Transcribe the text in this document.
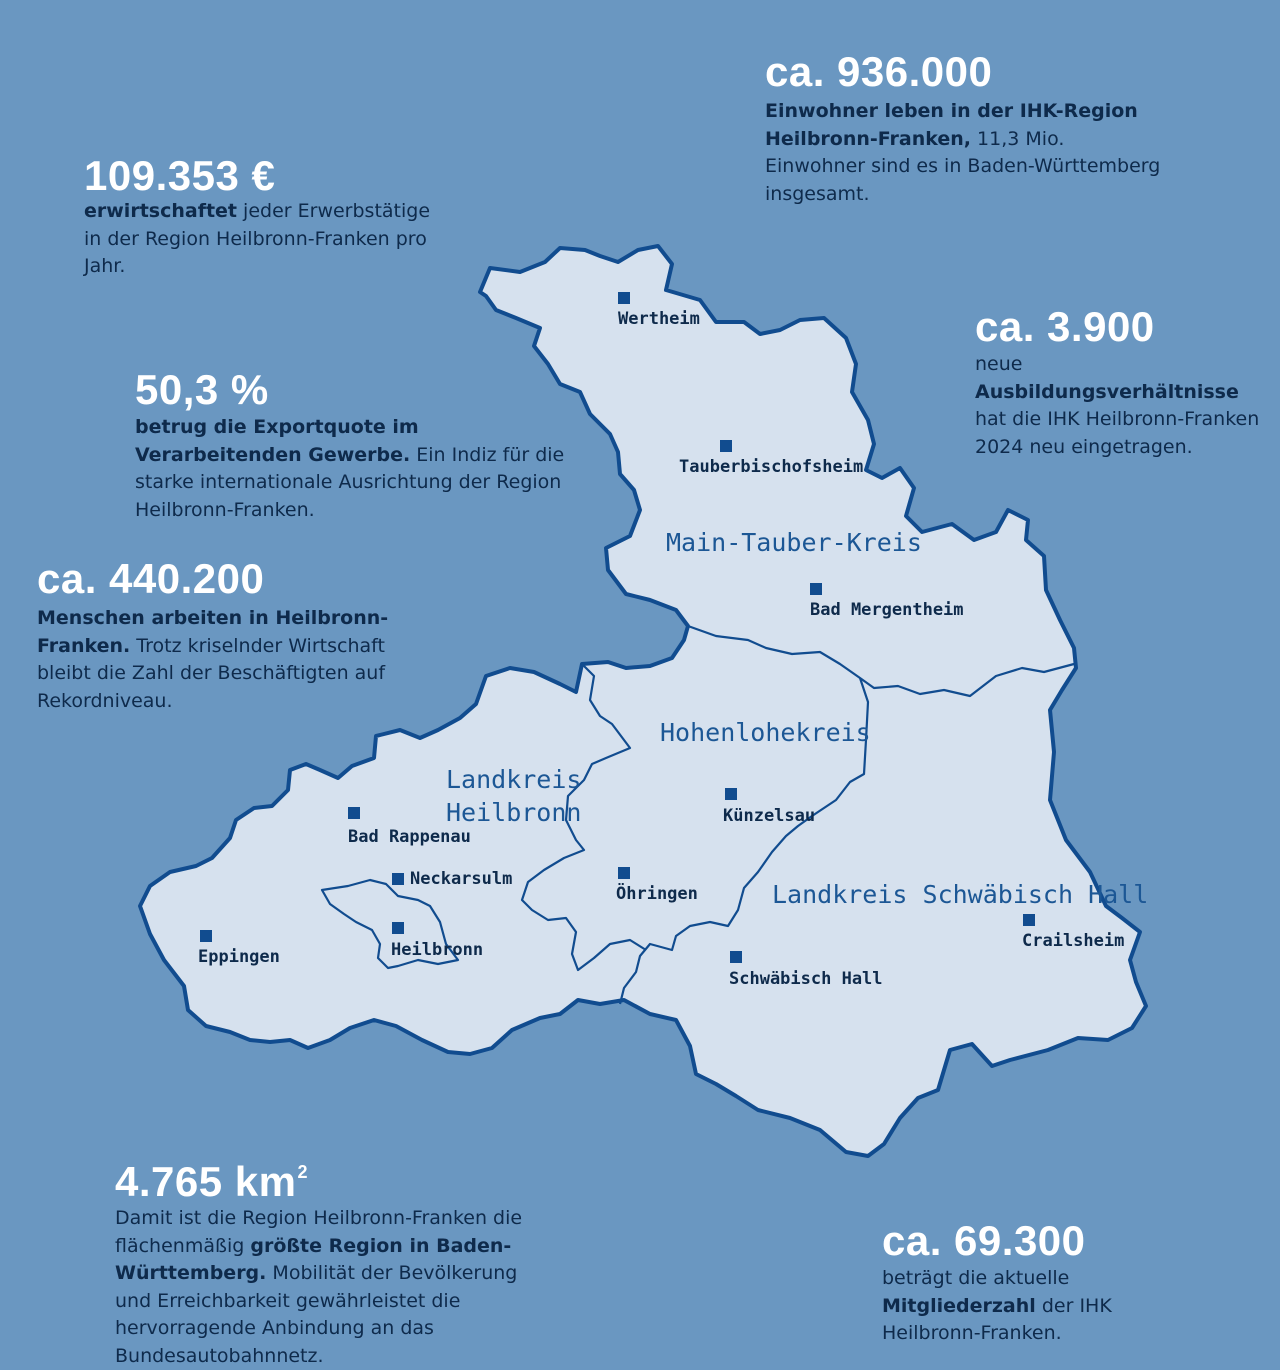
ca. 936.000
Einwohner leben in der IHK-Region Heilbronn-Franken, 11,3 Mio. Einwohner sind es in Baden-Württemberg insgesamt.
109.353 €
erwirtschaftet jeder Erwerbstätige in der Region Heilbronn-Franken pro Jahr.
ca. 3.900
neue Ausbildungsverhältnisse hat die IHK Heilbronn-Franken 2024 neu eingetragen.
50,3 %
betrug die Exportquote im Verarbeitenden Gewerbe. Ein Indiz für die starke internationale Ausrichtung der Region Heilbronn-Franken.
ca. 440.200
Menschen arbeiten in Heilbronn-Franken. Trotz kriselnder Wirtschaft bleibt die Zahl der Beschäftigten auf Rekordniveau.
4.765 $km^2$
Damit ist die Region Heilbronn-Franken die flächenmäßig größte Region in Baden-Württemberg. Mobilität der Bevölkerung und Erreichbarkeit gewährleistet die hervorragende Anbindung an das Bundesautobahnnetz.
ca. 69.300
beträgt die aktuelle Mitgliederzahl der IHK Heilbronn-Franken.
Main-Tauber-Kreis
Hohenlohekreis
Landkreis
Heilbronn
Landkreis Schwäbisch Hall
Wertheim
Tauberbischofsheim
Bad Mergentheim
Künzelsau
Bad Rappenau
Neckarsulm
Öhringen
Schwäbisch Hall
Crailsheim
Eppingen	Heilbronn
